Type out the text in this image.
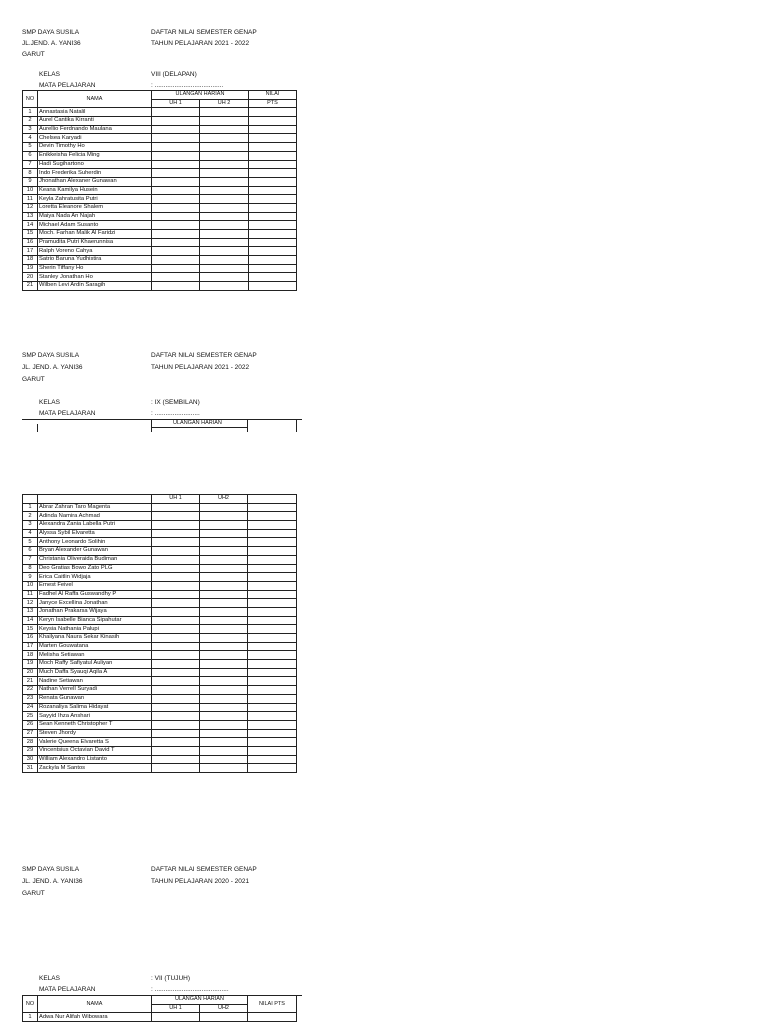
SMP DAYA SUSILA
JL.JEND. A. YANI36
GARUT
DAFTAR NILAI SEMESTER GENAP
TAHUN PELAJARAN 2021 - 2022
KELAS
MATA PELAJARAN
VIII (DELAPAN)
: ......................................
NO	NAMA	ULANGAN HARIAN		NILAI
		UH 1	UH 2	PTS
1	Annastasia Natalil			
2	Aurel Cantika Kirranti			
3	Aurellio Ferdnando Maulana			
4	Chelsea Karyadi			
5	Devin Timothy Ho			
6	Enikkeisha Felicia Ming			
7	Hadi Sugihartono			
8	Indo Frederika Suherdin			
9	Jhonathan Alexaner Gunawan			
10	Keana Kamilya Husein			
11	Keyla Zahratusita Putri			
12	Loretta Eleanore Shalem			
13	Maiya Nada An Najah			
14	Michael Adam Susanto			
15	Moch. Farhan Malik Al Faridzi			
16	Pramudita Putri Khaerunnisa			
17	Ralph Voreno Cahya			
18	Satrio Baruna Yudhistira			
19	Sherin Tiffany Ho			
20	Stanley Jonathan Ho			
21	Wilben Levi Ardin Saragih			
SMP DAYA SUSILA
JL. JEND. A. YANI36
GARUT
DAFTAR NILAI SEMESTER GENAP
TAHUN PELAJARAN 2021 - 2022
KELAS
MATA PELAJARAN
: IX (SEMBILAN)
: .........................
ULANGAN HARIAN
		UH 1	UH2	
1	Abrar Zahran Taro Magenta			
2	Adinda Namira Achmad			
3	Alexandra Zania Labella Putri			
4	Alyssa Sybil Elvaretta			
5	Anthony Leonardo Solihin			
6	Bryan Alexander Gunawan			
7	Christania Oliveraida Budiman			
8	Deo Gratias Bowo Zato PLG			
9	Erica Caitlin Widjaja			
10	Ernest Feivel			
11	Fadhel Al Raffa Guswandhy P			
12	Janyce Excellina Jonathan			
13	Jonathan Prakarsa Wijaya			
14	Keryn Isabelle Bianca Sipahutar			
15	Keysia Nathania Palupi			
16	Khailyana Naura Sekar Kinasih			
17	Marten Gouwatana			
18	Melisha Setiawan			
19	Moch Raffy Safiyatul Auliyan			
20	Much Daffa Syauqi Aqila A			
21	Nadine Setiawan			
22	Nathan Verrell Suryadi			
23	Renata Gunawan			
24	Rozanaliya Salima Hidayat			
25	Sayyid Ihza Anshari			
26	Sean Kenneth Christopher T			
27	Steven Jhordy			
28	Valerie Queena Elvaretta S			
29	Vincentsius Octavian David T			
30	William Alexandro Listanto			
31	Zackyla M Santos			
SMP DAYA SUSILA
JL. JEND. A. YANI36
GARUT
DAFTAR NILAI SEMESTER GENAP
TAHUN PELAJARAN 2020 - 2021
KELAS
MATA PELAJARAN
: VII (TUJUH)
: .........................................
NO	NAMA	ULANGAN HARIAN		NILAI PTS
		UH 1	UH2	
1	Adwa Nur Alifah Wibowara			
